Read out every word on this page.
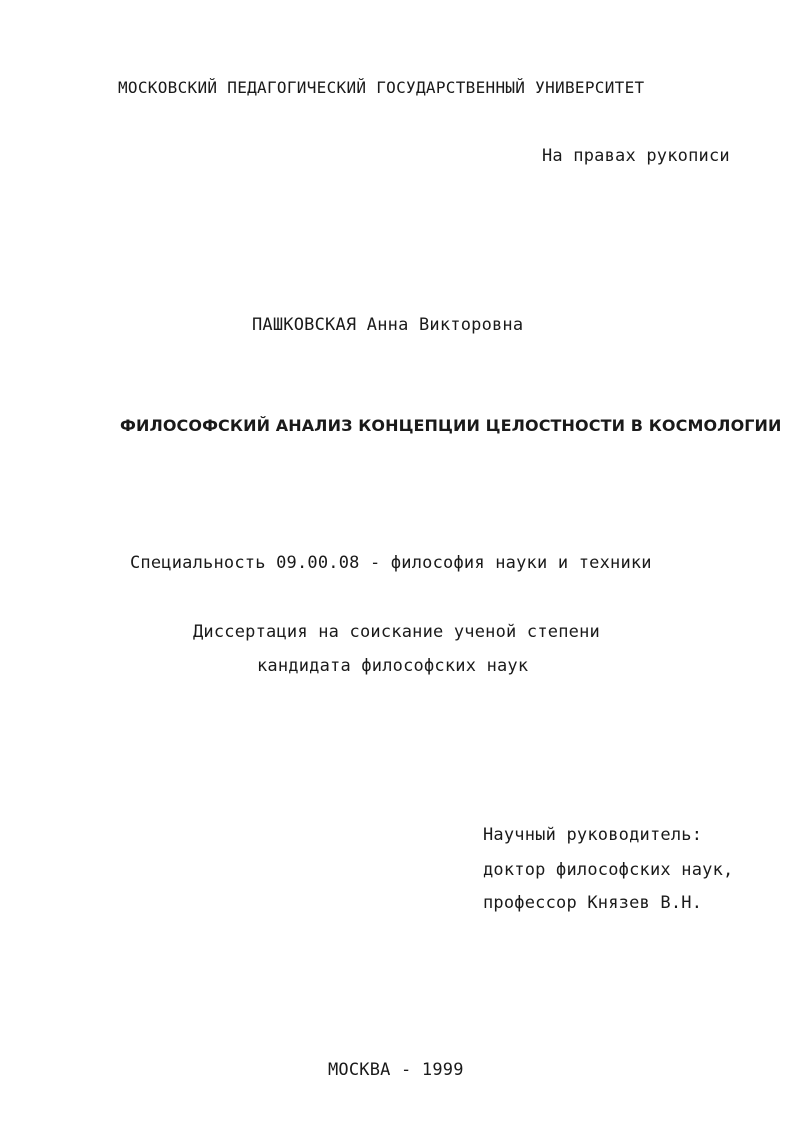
МОСКОВСКИЙ ПЕДАГОГИЧЕСКИЙ ГОСУДАРСТВЕННЫЙ УНИВЕРСИТЕТ
На правах рукописи
ПАШКОВСКАЯ Анна Викторовна
ФИЛОСОФСКИЙ АНАЛИЗ КОНЦЕПЦИИ ЦЕЛОСТНОСТИ В КОСМОЛОГИИ
Специальность 09.00.08 - философия науки и техники
Диссертация на соискание ученой степени
кандидата философских наук
Научный руководитель:
доктор философских наук,
профессор Князев В.Н.
МОСКВА - 1999
